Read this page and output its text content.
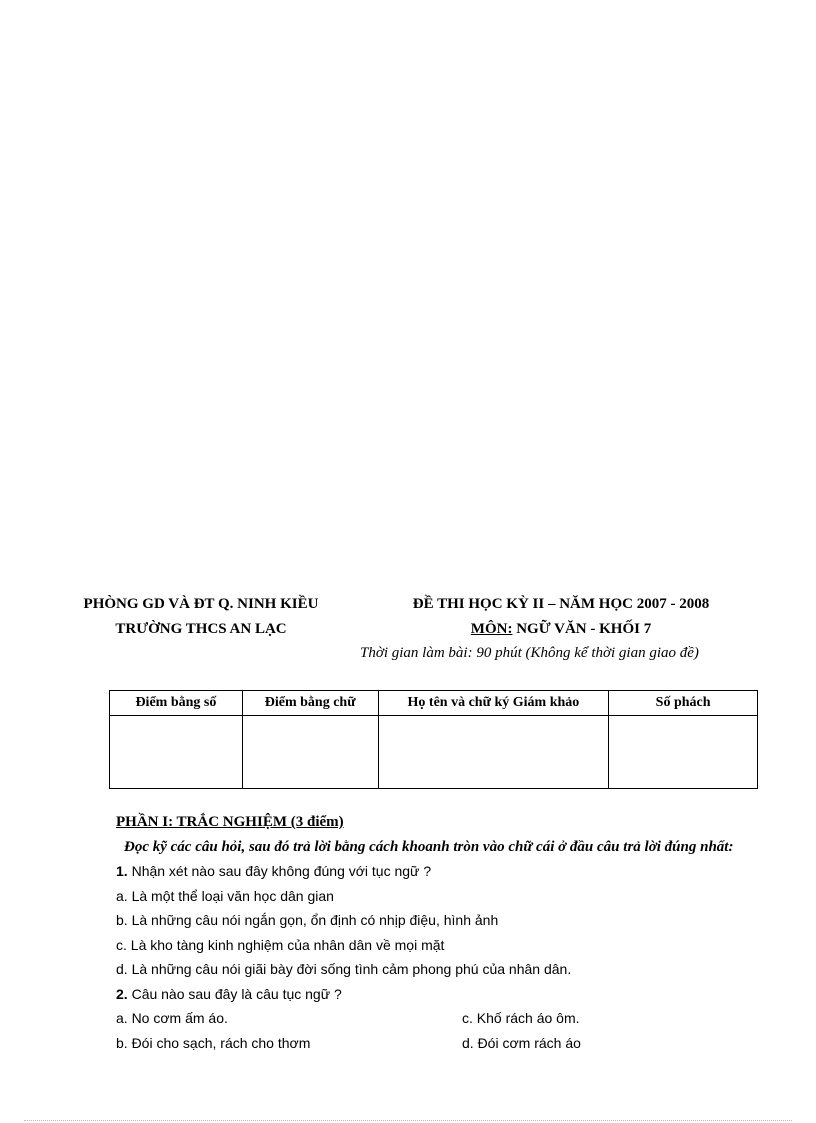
PHÒNG GD VÀ ĐT Q. NINH KIỀU
TRƯỜNG THCS AN LẠC
ĐỀ THI HỌC KỲ II – NĂM HỌC 2007 - 2008
MÔN: NGỮ VĂN - KHỐI 7
Thời gian làm bài: 90 phút (Không kể thời gian giao đề)
Điểm bằng số	Điểm bằng chữ	Họ tên và chữ ký Giám khảo	Số phách

PHẦN I: TRẮC NGHIỆM (3 điểm)
Đọc kỹ các câu hỏi, sau đó trả lời bằng cách khoanh tròn vào chữ cái ở đầu câu trả lời đúng nhất:
1. Nhận xét nào sau đây không đúng với tục ngữ ?
a. Là một thể loại văn học dân gian
b. Là những câu nói ngắn gọn, ổn định có nhịp điệu, hình ảnh
c. Là kho tàng kinh nghiệm của nhân dân về mọi mặt
d. Là những câu nói giãi bày đời sống tình cảm phong phú của nhân dân.
2. Câu nào sau đây là câu tục ngữ ?
a. No cơm ấm áo.	c. Khố rách áo ôm.
b. Đói cho sạch, rách cho thơm	d. Đói cơm rách áo
